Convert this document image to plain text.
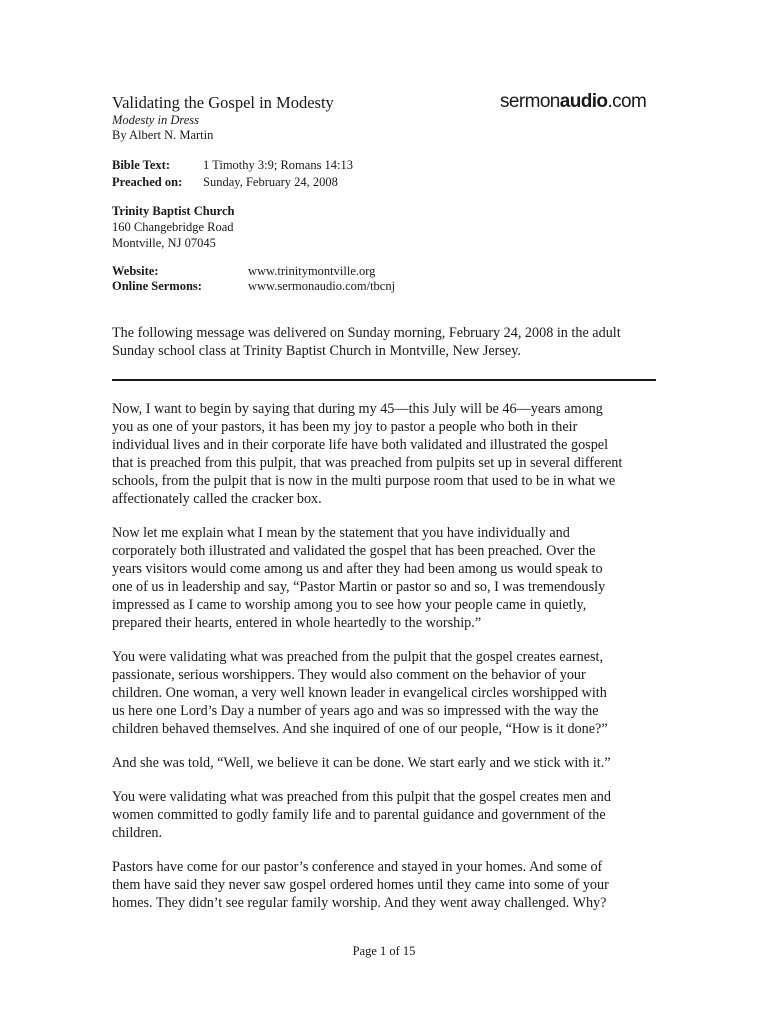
Validating the Gospel in Modesty
Modesty in Dress
By Albert N. Martin
sermonaudio.com
Bible Text:	1 Timothy 3:9; Romans 14:13
Preached on: Sunday, February 24, 2008
Trinity Baptist Church
160 Changebridge Road
Montville, NJ 07045
Website:	www.trinitymontville.org
Online Sermons:	www.sermonaudio.com/tbcnj
The following message was delivered on Sunday morning, February 24, 2008 in the adult Sunday school class at Trinity Baptist Church in Montville, New Jersey.

Now, I want to begin by saying that during my 45—this July will be 46—years among
you as one of your pastors, it has been my joy to pastor a people who both in their
individual lives and in their corporate life have both validated and illustrated the gospel
that is preached from this pulpit, that was preached from pulpits set up in several different
schools, from the pulpit that is now in the multi purpose room that used to be in what we
affectionately called the cracker box.

Now let me explain what I mean by the statement that you have individually and
corporately both illustrated and validated the gospel that has been preached. Over the
years visitors would come among us and after they had been among us would speak to
one of us in leadership and say, “Pastor Martin or pastor so and so, I was tremendously
impressed as I came to worship among you to see how your people came in quietly,
prepared their hearts, entered in whole heartedly to the worship.”

You were validating what was preached from the pulpit that the gospel creates earnest,
passionate, serious worshippers. They would also comment on the behavior of your
children. One woman, a very well known leader in evangelical circles worshipped with
us here one Lord’s Day a number of years ago and was so impressed with the way the
children behaved themselves. And she inquired of one of our people, “How is it done?”

And she was told, “Well, we believe it can be done. We start early and we stick with it.”

You were validating what was preached from this pulpit that the gospel creates men and
women committed to godly family life and to parental guidance and government of the
children.

Pastors have come for our pastor’s conference and stayed in your homes. And some of
them have said they never saw gospel ordered homes until they came into some of your
homes. They didn’t see regular family worship. And they went away challenged. Why?

Page 1 of 15
